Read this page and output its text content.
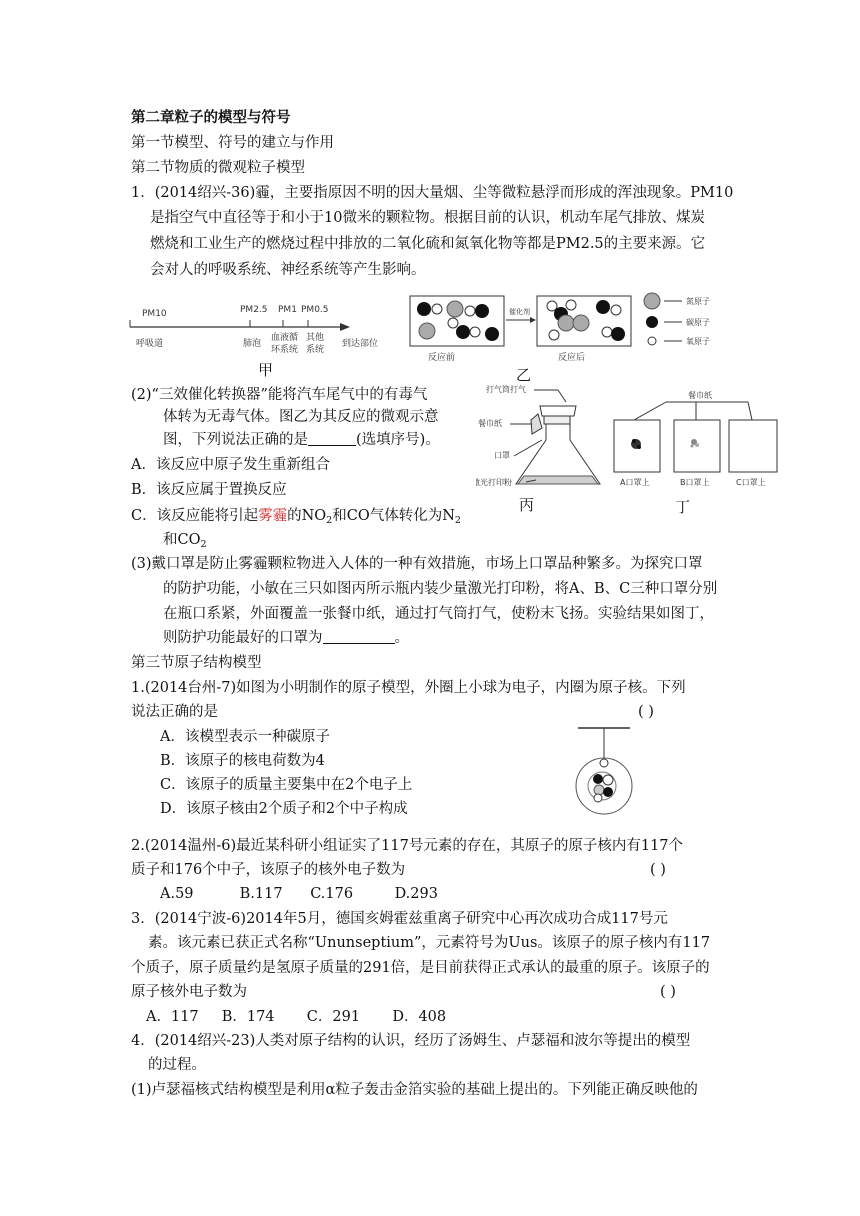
第二章粒子的模型与符号
第一节模型、符号的建立与作用
第二节物质的微观粒子模型
1．(2014绍兴-36)霾，主要指原因不明的因大量烟、尘等微粒悬浮而形成的浑浊现象。PM10
是指空气中直径等于和小于10微米的颗粒物。根据目前的认识，机动车尾气排放、煤炭
燃烧和工业生产的燃烧过程中排放的二氧化硫和氮氧化物等都是PM2.5的主要来源。它
会对人的呼吸系统、神经系统等产生影响。
PM10	PM2.5 PM1 PM0.5
呼吸道	肺泡
血液循
环系统
其他
系统
到达部位
甲
催化剂
反应前	反应后
氮原子
碳原子
氧原子
乙
(2)“三效催化转换器”能将汽车尾气中的有毒气
体转为无毒气体。图乙为其反应的微观示意
图，下列说法正确的是	(选填序号)。
A．该反应中原子发生重新组合
B．该反应属于置换反应
C．该反应能将引起雾霾的$NO_2$和CO气体转化为$N_2$
和$CO_2$
打气筒打气
餐巾纸
口罩
激光打印粉
丙
餐巾纸
A口罩上	B口罩上	C口罩上
丁
(3)戴口罩是防止雾霾颗粒物进入人体的一种有效措施，市场上口罩品种繁多。为探究口罩
的防护功能，小敏在三只如图丙所示瓶内装少量激光打印粉，将A、B、C三种口罩分别
在瓶口系紧，外面覆盖一张餐巾纸，通过打气筒打气，使粉末飞扬。实验结果如图丁，
则防护功能最好的口罩为	。
第三节原子结构模型
1.(2014台州-7)如图为小明制作的原子模型，外圈上小球为电子，内圈为原子核。下列
说法正确的是	( )
A．该模型表示一种碳原子
B．该原子的核电荷数为4
C．该原子的质量主要集中在2个电子上
D．该原子核由2个质子和2个中子构成
2.(2014温州-6)最近某科研小组证实了117号元素的存在，其原子的原子核内有117个
质子和176个中子，该原子的核外电子数为	( )
A.59          B.117      C.176         D.293
3．(2014宁波-6)2014年5月，德国亥姆霍兹重离子研究中心再次成功合成117号元
素。该元素已获正式名称“Ununseptium”，元素符号为Uus。该原子的原子核内有117
个质子，原子质量约是氢原子质量的291倍，是目前获得正式承认的最重的原子。该原子的
原子核外电子数为	( )
A．117     B．174       C．291       D．408
4．(2014绍兴-23)人类对原子结构的认识，经历了汤姆生、卢瑟福和波尔等提出的模型
的过程。
(1)卢瑟福核式结构模型是利用α粒子轰击金箔实验的基础上提出的。下列能正确反映他的
